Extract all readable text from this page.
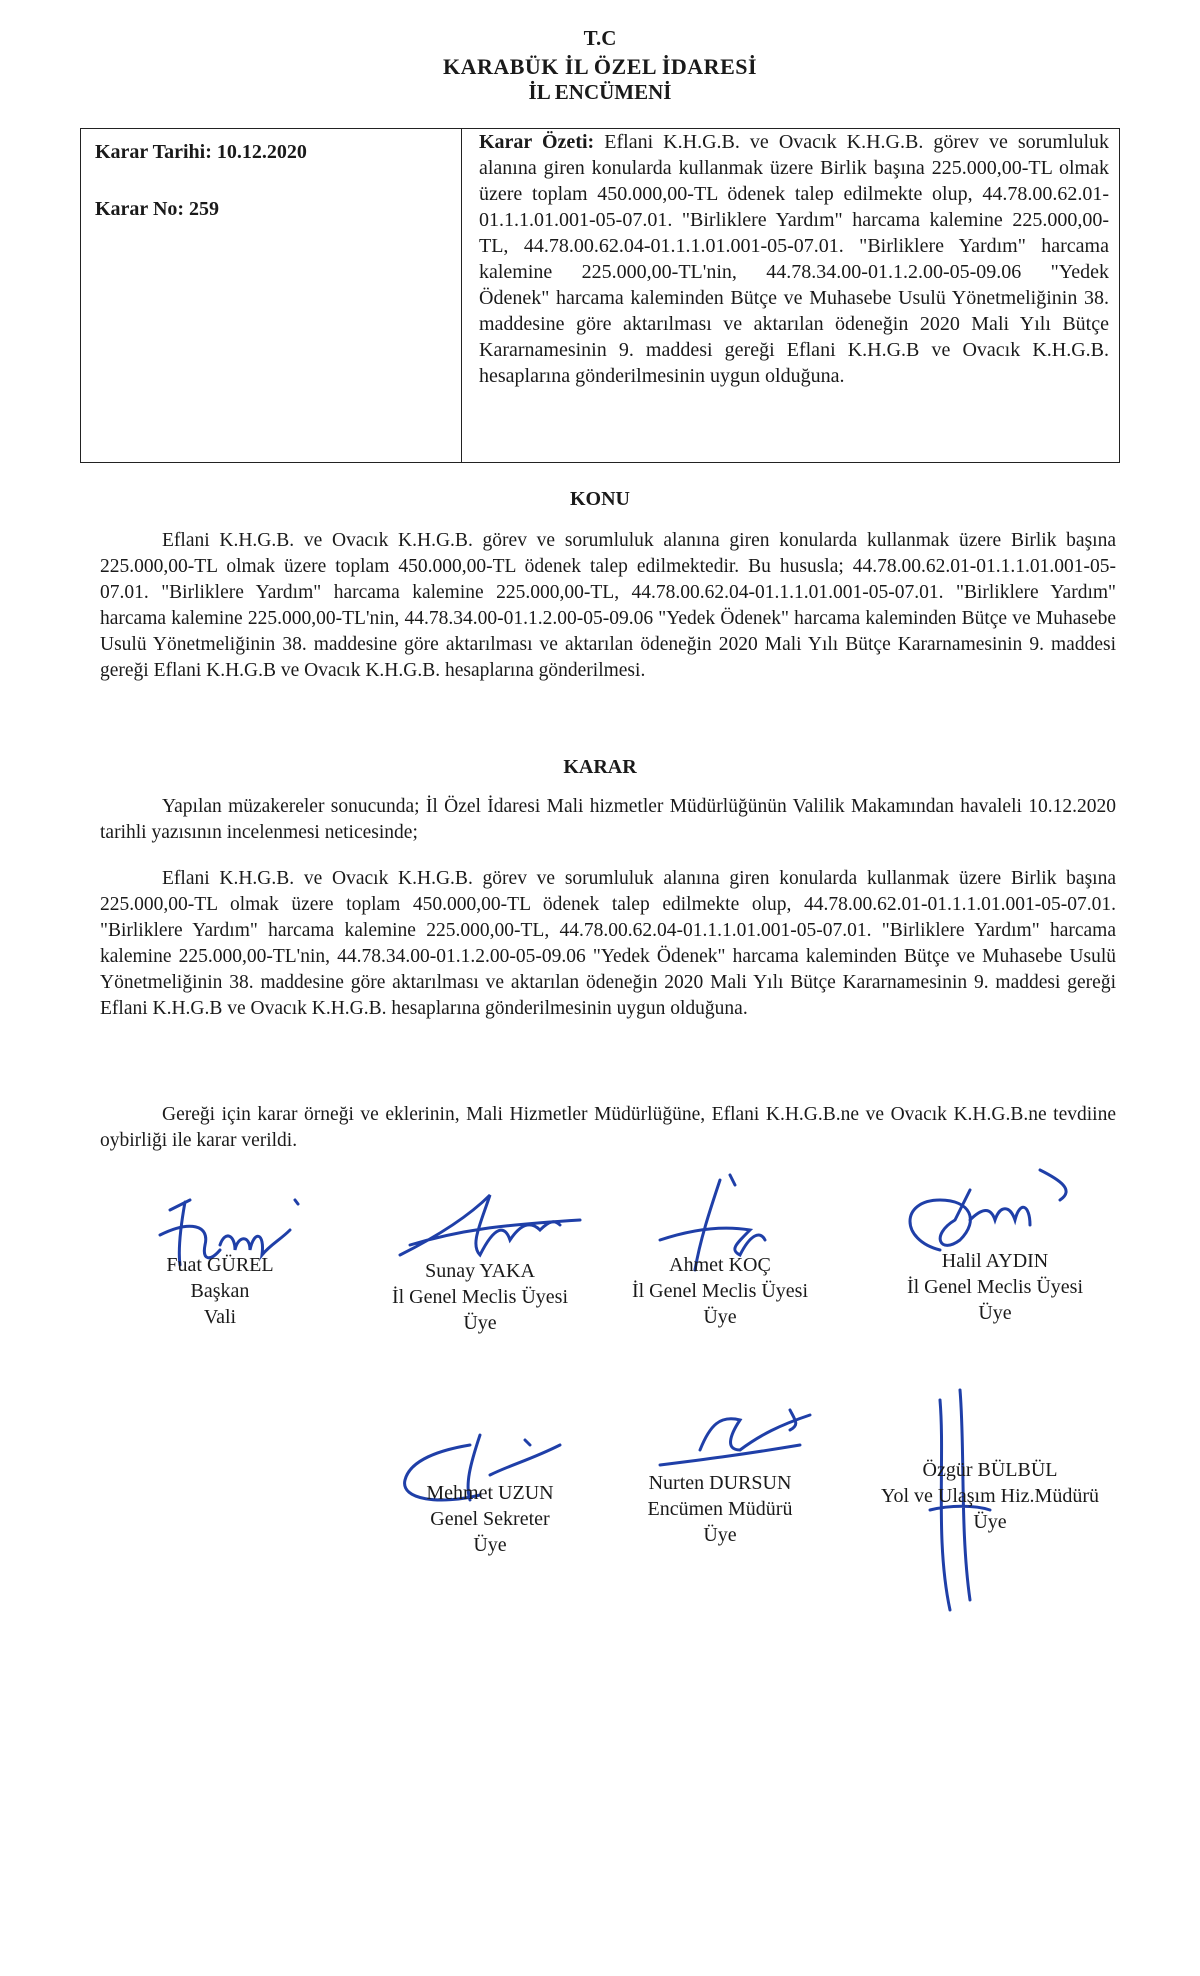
T.C
KARABÜK İL ÖZEL İDARESİ
İL ENCÜMENİ
Karar Tarihi: 10.12.2020
Karar No: 259
Karar Özeti: Eflani K.H.G.B. ve Ovacık K.H.G.B. görev ve sorumluluk alanına giren konularda kullanmak üzere Birlik başına 225.000,00-TL olmak üzere toplam 450.000,00-TL ödenek talep edilmekte olup, 44.78.00.62.01-01.1.1.01.001-05-07.01. "Birliklere Yardım" harcama kalemine 225.000,00-TL, 44.78.00.62.04-01.1.1.01.001-05-07.01. "Birliklere Yardım" harcama kalemine 225.000,00-TL'nin, 44.78.34.00-01.1.2.00-05-09.06 "Yedek Ödenek" harcama kaleminden Bütçe ve Muhasebe Usulü Yönetmeliğinin 38. maddesine göre aktarılması ve aktarılan ödeneğin 2020 Mali Yılı Bütçe Kararnamesinin 9. maddesi gereği Eflani K.H.G.B ve Ovacık K.H.G.B. hesaplarına gönderilmesinin uygun olduğuna.
KONU
Eflani K.H.G.B. ve Ovacık K.H.G.B. görev ve sorumluluk alanına giren konularda kullanmak üzere Birlik başına 225.000,00-TL olmak üzere toplam 450.000,00-TL ödenek talep edilmektedir. Bu hususla; 44.78.00.62.01-01.1.1.01.001-05-07.01. "Birliklere Yardım" harcama kalemine 225.000,00-TL, 44.78.00.62.04-01.1.1.01.001-05-07.01. "Birliklere Yardım" harcama kalemine 225.000,00-TL'nin, 44.78.34.00-01.1.2.00-05-09.06 "Yedek Ödenek" harcama kaleminden Bütçe ve Muhasebe Usulü Yönetmeliğinin 38. maddesine göre aktarılması ve aktarılan ödeneğin 2020 Mali Yılı Bütçe Kararnamesinin 9. maddesi gereği Eflani K.H.G.B ve Ovacık K.H.G.B. hesaplarına gönderilmesi.
KARAR
Yapılan müzakereler sonucunda; İl Özel İdaresi Mali hizmetler Müdürlüğünün Valilik Makamından havaleli 10.12.2020 tarihli yazısının incelenmesi neticesinde;
Eflani K.H.G.B. ve Ovacık K.H.G.B. görev ve sorumluluk alanına giren konularda kullanmak üzere Birlik başına 225.000,00-TL olmak üzere toplam 450.000,00-TL ödenek talep edilmekte olup, 44.78.00.62.01-01.1.1.01.001-05-07.01. "Birliklere Yardım" harcama kalemine 225.000,00-TL, 44.78.00.62.04-01.1.1.01.001-05-07.01. "Birliklere Yardım" harcama kalemine 225.000,00-TL'nin, 44.78.34.00-01.1.2.00-05-09.06 "Yedek Ödenek" harcama kaleminden Bütçe ve Muhasebe Usulü Yönetmeliğinin 38. maddesine göre aktarılması ve aktarılan ödeneğin 2020 Mali Yılı Bütçe Kararnamesinin 9. maddesi gereği Eflani K.H.G.B ve Ovacık K.H.G.B. hesaplarına gönderilmesinin uygun olduğuna.
Gereği için karar örneği ve eklerinin, Mali Hizmetler Müdürlüğüne, Eflani K.H.G.B.ne ve Ovacık K.H.G.B.ne tevdiine oybirliği ile karar verildi.
Fuat GÜREL
Başkan
Vali
Sunay YAKA
İl Genel Meclis Üyesi
Üye
Ahmet KOÇ
İl Genel Meclis Üyesi
Üye
Halil AYDIN
İl Genel Meclis Üyesi
Üye
Mehmet UZUN
Genel Sekreter
Üye
Nurten DURSUN
Encümen Müdürü
Üye
Özgür BÜLBÜL
Yol ve Ulaşım Hiz.Müdürü
Üye
